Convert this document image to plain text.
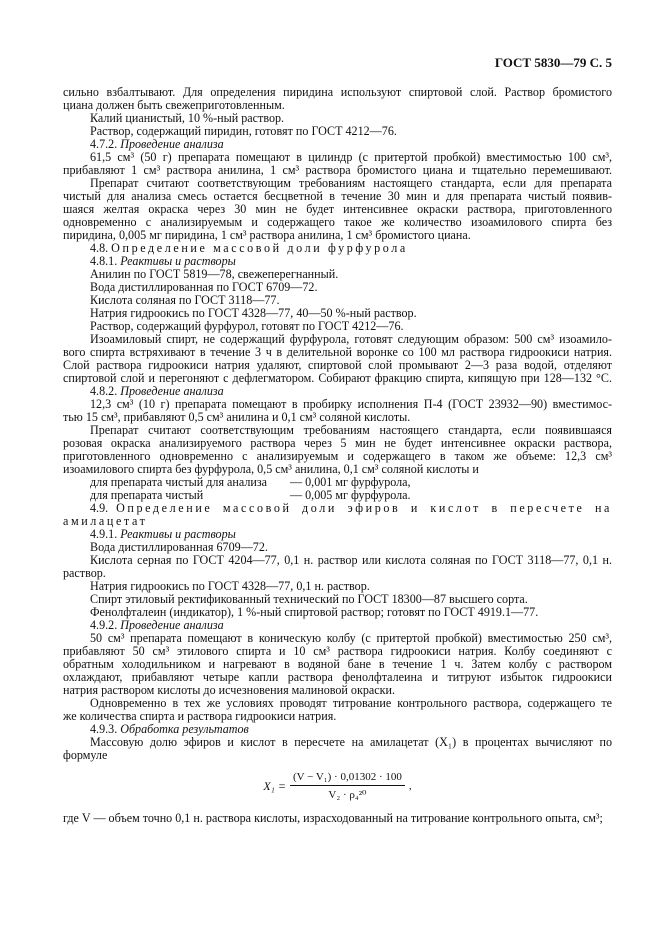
ГОСТ 5830—79 С. 5
сильно взбалтывают. Для определения пиридина используют спиртовой слой. Раствор бромистого
циана должен быть свежеприготовленным.
Калий цианистый, 10 %-ный раствор.
Раствор, содержащий пиридин, готовят по ГОСТ 4212—76.
4.7.2. Проведение анализа
61,5 см³ (50 г) препарата помещают в цилиндр (с притертой пробкой) вместимостью 100 см³,
прибавляют 1 см³ раствора анилина, 1 см³ раствора бромистого циана и тщательно перемешивают.
Препарат считают соответствующим требованиям настоящего стандарта, если для препарата
чистый для анализа смесь остается бесцветной в течение 30 мин и для препарата чистый появив-
шаяся желтая окраска через 30 мин не будет интенсивнее окраски раствора, приготовленного
одновременно с анализируемым и содержащего такое же количество изоамилового спирта без
пиридина, 0,005 мг пиридина, 1 см³ раствора анилина, 1 см³ бромистого циана.
4.8. Определение массовой доли фурфурола
4.8.1. Реактивы и растворы
Анилин по ГОСТ 5819—78, свежеперегнанный.
Вода дистиллированная по ГОСТ 6709—72.
Кислота соляная по ГОСТ 3118—77.
Натрия гидроокись по ГОСТ 4328—77, 40—50 %-ный раствор.
Раствор, содержащий фурфурол, готовят по ГОСТ 4212—76.
Изоамиловый спирт, не содержащий фурфурола, готовят следующим образом: 500 см³ изоамило-
вого спирта встряхивают в течение 3 ч в делительной воронке со 100 мл раствора гидроокиси натрия.
Слой раствора гидроокиси натрия удаляют, спиртовой слой промывают 2—3 раза водой, отделяют
спиртовой слой и перегоняют с дефлегматором. Собирают фракцию спирта, кипящую при 128—132 °С.
4.8.2. Проведение анализа
12,3 см³ (10 г) препарата помещают в пробирку исполнения П-4 (ГОСТ 23932—90) вместимос-
тью 15 см³, прибавляют 0,5 см³ анилина и 0,1 см³ соляной кислоты.
Препарат считают соответствующим требованиям настоящего стандарта, если появившаяся
розовая окраска анализируемого раствора через 5 мин не будет интенсивнее окраски раствора,
приготовленного одновременно с анализируемым и содержащего в таком же объеме: 12,3 см³
изоамилового спирта без фурфурола, 0,5 см³ анилина, 0,1 см³ соляной кислоты и
для препарата чистый для анализа — 0,001 мг фурфурола,
для препарата чистый	— 0,005 мг фурфурола.
4.9. Определение массовой доли эфиров и кислот в пересчете на
амилацетат
4.9.1. Реактивы и растворы
Вода дистиллированная 6709—72.
Кислота серная по ГОСТ 4204—77, 0,1 н. раствор или кислота соляная по ГОСТ 3118—77, 0,1 н.
раствор.
Натрия гидроокись по ГОСТ 4328—77, 0,1 н. раствор.
Спирт этиловый ректификованный технический по ГОСТ 18300—87 высшего сорта.
Фенолфталеин (индикатор), 1 %-ный спиртовой раствор; готовят по ГОСТ 4919.1—77.
4.9.2. Проведение анализа
50 см³ препарата помещают в коническую колбу (с притертой пробкой) вместимостью 250 см³,
прибавляют 50 см³ этилового спирта и 10 см³ раствора гидроокиси натрия. Колбу соединяют с
обратным холодильником и нагревают в водяной бане в течение 1 ч. Затем колбу с раствором
охлаждают, прибавляют четыре капли раствора фенолфталеина и титруют избыток гидроокиси
натрия раствором кислоты до исчезновения малиновой окраски.
Одновременно в тех же условиях проводят титрование контрольного раствора, содержащего те
же количества спирта и раствора гидроокиси натрия.
4.9.3. Обработка результатов
Массовую долю эфиров и кислот в пересчете на амилацетат (X₁) в процентах вычисляют по
формуле
$X_1 = \frac{\text{(V − V₁) · 0,01302 · 100}}{\text{V₂ · ρ₄²⁰}}$ ,
где V — объем точно 0,1 н. раствора кислоты, израсходованный на титрование контрольного опыта, см³;
